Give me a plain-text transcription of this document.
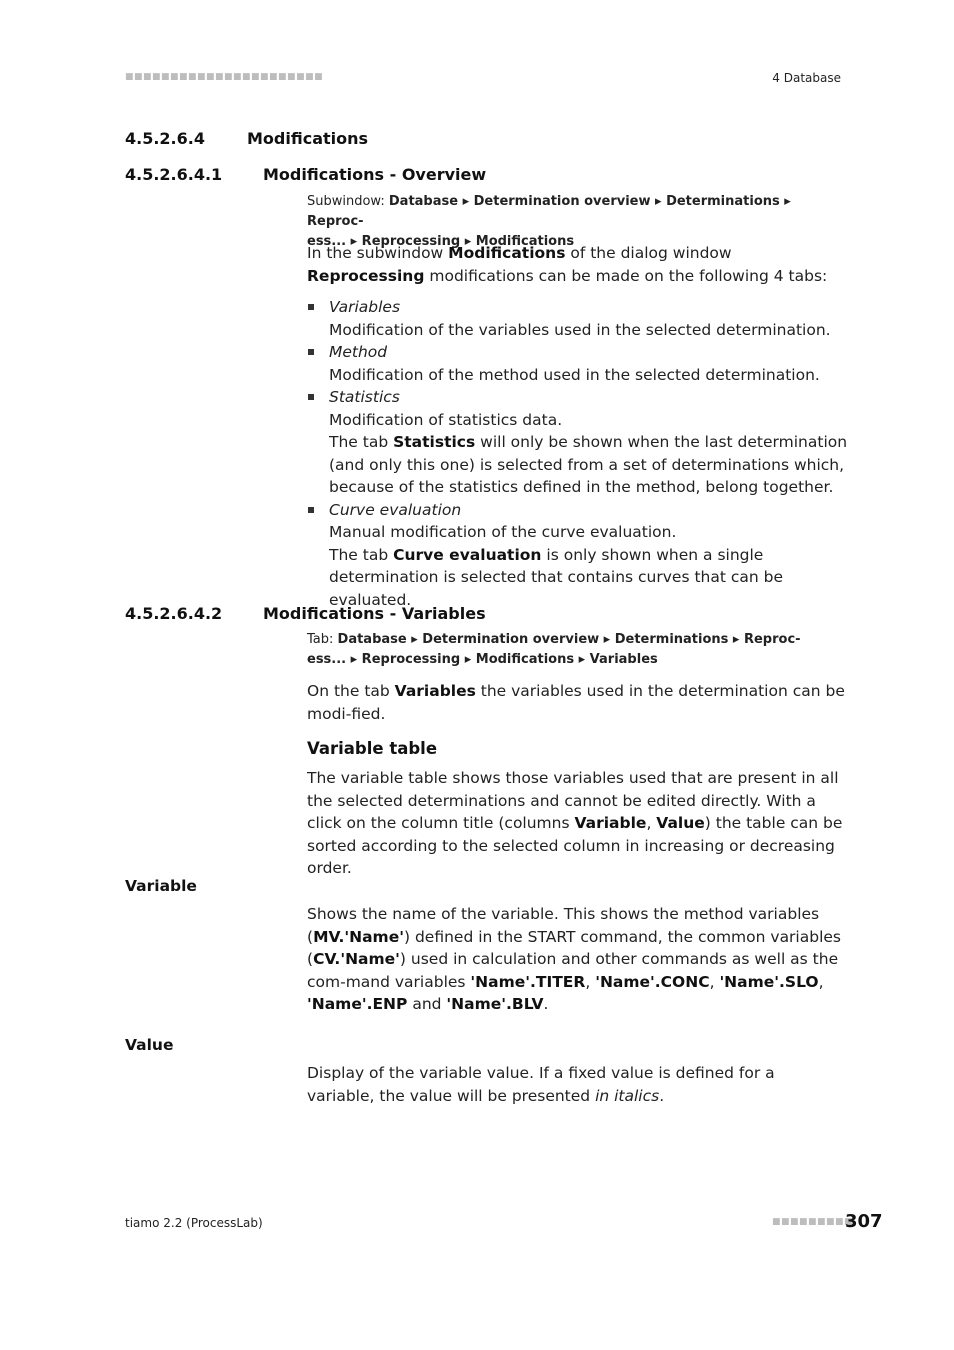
■■■■■■■■■■■■■■■■■■■■■■	4 Database
4.5.2.6.4	Modifications
4.5.2.6.4.1	Modifications - Overview
Subwindow: Database ▸ Determination overview ▸ Determinations ▸ Reproc-
ess... ▸ Reprocessing ▸ Modifications
In the subwindow Modifications of the dialog window Reprocessing modifications can be made on the following 4 tabs:
Variables
Modification of the variables used in the selected determination.
Method
Modification of the method used in the selected determination.
Statistics
Modification of statistics data.
The tab Statistics will only be shown when the last determination (and only this one) is selected from a set of determinations which, because of the statistics defined in the method, belong together.
Curve evaluation
Manual modification of the curve evaluation.
The tab Curve evaluation is only shown when a single determination is selected that contains curves that can be evaluated.
4.5.2.6.4.2	Modifications - Variables
Tab: Database ▸ Determination overview ▸ Determinations ▸ Reproc-
ess... ▸ Reprocessing ▸ Modifications ▸ Variables
On the tab Variables the variables used in the determination can be modi-fied.
Variable table
The variable table shows those variables used that are present in all the selected determinations and cannot be edited directly. With a click on the column title (columns Variable, Value) the table can be sorted according to the selected column in increasing or decreasing order.
Variable
Shows the name of the variable. This shows the method variables (MV.'Name') defined in the START command, the common variables (CV.'Name') used in calculation and other commands as well as the com-mand variables 'Name'.TITER, 'Name'.CONC, 'Name'.SLO, 'Name'.ENP and 'Name'.BLV.
Value
Display of the variable value. If a fixed value is defined for a variable, the value will be presented in italics.
tiamo 2.2 (ProcessLab)	■■■■■■■■■
307
